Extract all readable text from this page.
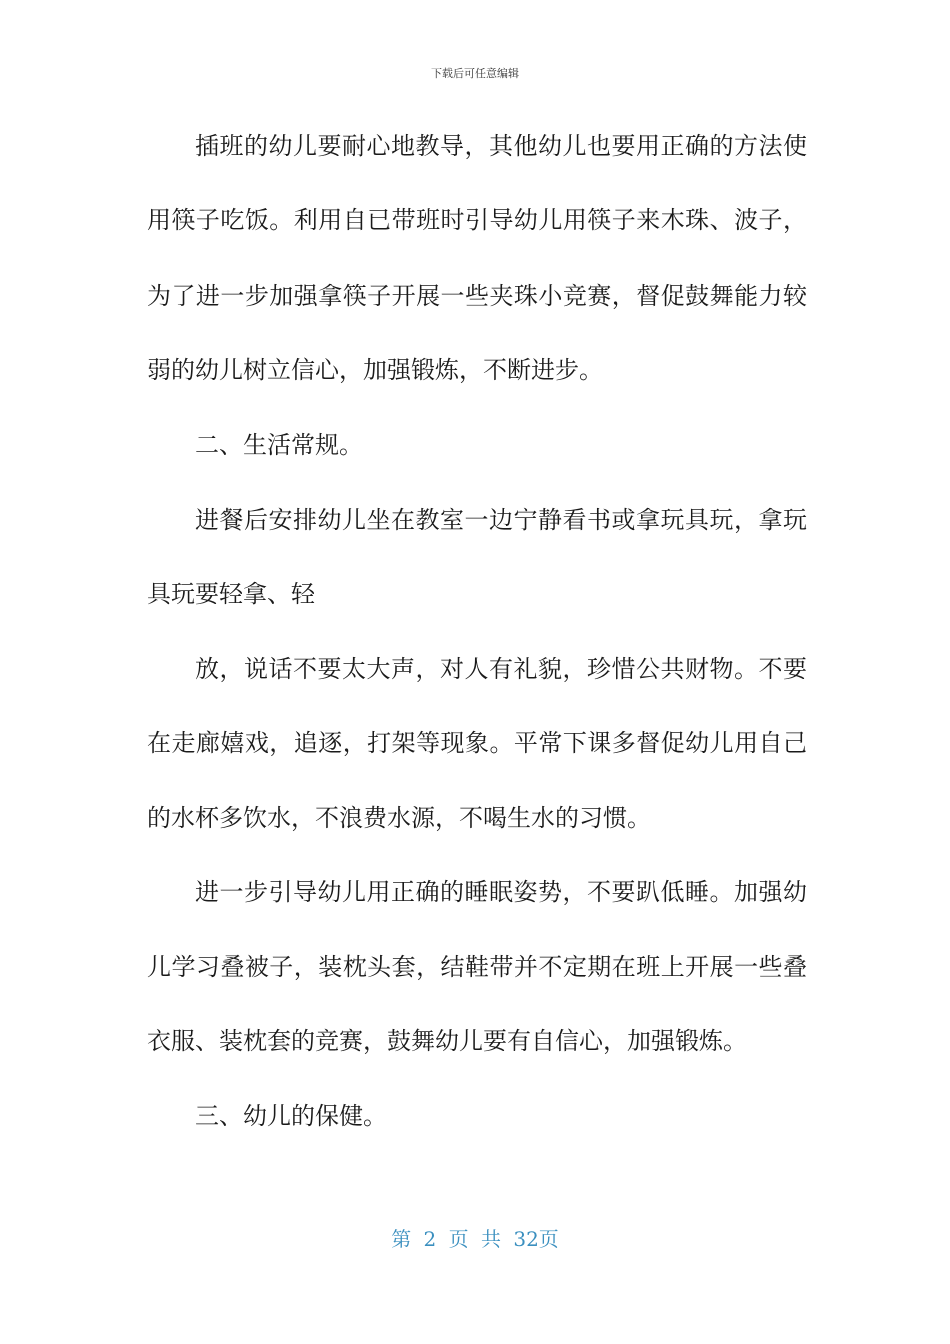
下载后可任意编辑
插班的幼儿要耐心地教导，其他幼儿也要用正确的方法使
用筷子吃饭。利用自已带班时引导幼儿用筷子来木珠、波子，
为了进一步加强拿筷子开展一些夹珠小竞赛，督促鼓舞能力较
弱的幼儿树立信心，加强锻炼，不断进步。
二、生活常规。
进餐后安排幼儿坐在教室一边宁静看书或拿玩具玩，拿玩
具玩要轻拿、轻
放，说话不要太大声，对人有礼貌，珍惜公共财物。不要
在走廊嬉戏，追逐，打架等现象。平常下课多督促幼儿用自己
的水杯多饮水，不浪费水源，不喝生水的习惯。
进一步引导幼儿用正确的睡眠姿势，不要趴低睡。加强幼
儿学习叠被子，装枕头套，结鞋带并不定期在班上开展一些叠
衣服、装枕套的竞赛，鼓舞幼儿要有自信心，加强锻炼。
三、幼儿的保健。
第 2 页 共 32页
